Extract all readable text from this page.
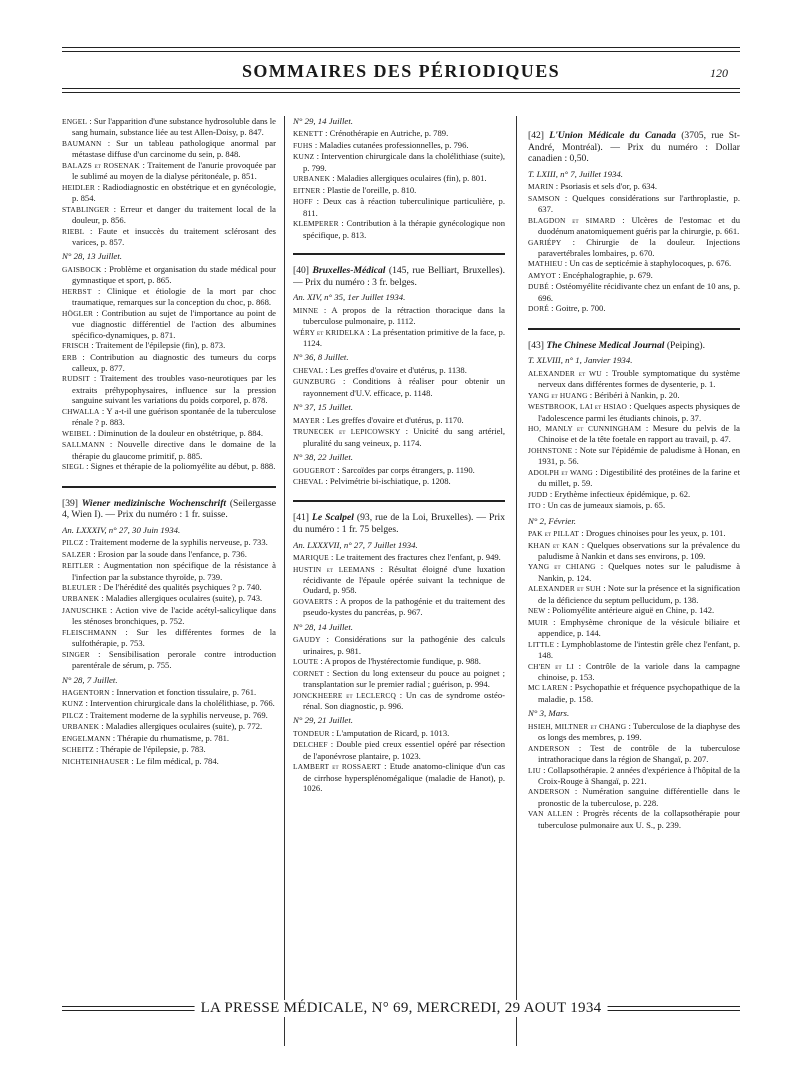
SOMMAIRES DES PÉRIODIQUES	120
ENGEL : Sur l'apparition d'une substance hydrosoluble dans le sang humain, substance liée au test Allen-Doisy, p. 847.
BAUMANN : Sur un tableau pathologique anormal par métastase diffuse d'un carcinome du sein, p. 848.
BALAZS et ROSENAK : Traitement de l'anurie provoquée par le sublimé au moyen de la dialyse péritonéale, p. 851.
HEIDLER : Radiodiagnostic en obstétrique et en gynécologie, p. 854.
STABLINGER : Erreur et danger du traitement local de la douleur, p. 856.
RIEBL : Faute et insuccès du traitement sclérosant des varices, p. 857.
N° 28, 13 Juillet.
GAISBOCK : Problème et organisation du stade médical pour gymnastique et sport, p. 865.
HERBST : Clinique et étiologie de la mort par choc traumatique, remarques sur la conception du choc, p. 868.
HÖGLER : Contribution au sujet de l'importance au point de vue diagnostic différentiel de l'action des albumines spécifico-dynamiques, p. 871.
FRISCH : Traitement de l'épilepsie (fin), p. 873.
ERB : Contribution au diagnostic des tumeurs du corps calleux, p. 877.
RUDSIT : Traitement des troubles vaso-neurotiques par les extraits préhypophysaires, influence sur la pression sanguine suivant les variations du poids corporel, p. 878.
CHWALLA : Y a-t-il une guérison spontanée de la tuberculose rénale ? p. 883.
WEIBEL : Diminution de la douleur en obstétrique, p. 884.
SALLMANN : Nouvelle directive dans le domaine de la thérapie du glaucome primitif, p. 885.
SIEGL : Signes et thérapie de la poliomyélite au début, p. 888.
[39] Wiener medizinische Wochenschrift (Seilergasse 4, Wien I). — Prix du numéro : 1 fr. suisse.
An. LXXXIV, n° 27, 30 Juin 1934.
PILCZ : Traitement moderne de la syphilis nerveuse, p. 733.
SALZER : Erosion par la soude dans l'enfance, p. 736.
REITLER : Augmentation non spécifique de la résistance à l'infection par la substance thyroïde, p. 739.
BLEULER : De l'hérédité des qualités psychiques ? p. 740.
URBANEK : Maladies allergiques oculaires (suite), p. 743.
JANUSCHKE : Action vive de l'acide acétyl-salicylique dans les sténoses bronchiques, p. 752.
FLEISCHMANN : Sur les différentes formes de la sulfothérapie, p. 753.
SINGER : Sensibilisation perorale contre introduction parentérale de sérum, p. 755.
N° 28, 7 Juillet.
HAGENTORN : Innervation et fonction tissulaire, p. 761.
KUNZ : Intervention chirurgicale dans la cholélithiase, p. 766.
PILCZ : Traitement moderne de la syphilis nerveuse, p. 769.
URBANEK : Maladies allergiques oculaires (suite), p. 772.
ENGELMANN : Thérapie du rhumatisme, p. 781.
SCHEITZ : Thérapie de l'épilepsie, p. 783.
NICHTEINHAUSER : Le film médical, p. 784.
N° 29, 14 Juillet.
KENETT : Crénothérapie en Autriche, p. 789.
FUHS : Maladies cutanées professionnelles, p. 796.
KUNZ : Intervention chirurgicale dans la cholélithiase (suite), p. 799.
URBANEK : Maladies allergiques oculaires (fin), p. 801.
EITNER : Plastie de l'oreille, p. 810.
HOFF : Deux cas à réaction tuberculinique particulière, p. 811.
KLEMPERER : Contribution à la thérapie gynécologique non spécifique, p. 813.
[40] Bruxelles-Médical (145, rue Belliart, Bruxelles). — Prix du numéro : 3 fr. belges.
An. XIV, n° 35, 1er Juillet 1934.
MINNE : A propos de la rétraction thoracique dans la tuberculose pulmonaire, p. 1112.
WÉRY et KRIDELKA : La présentation primitive de la face, p. 1124.
N° 36, 8 Juillet.
CHEVAL : Les greffes d'ovaire et d'utérus, p. 1138.
GUNZBURG : Conditions à réaliser pour obtenir un rayonnement d'U.V. efficace, p. 1148.
N° 37, 15 Juillet.
MAYER : Les greffes d'ovaire et d'utérus, p. 1170.
TRUNECEK et LEPICOWSKY : Unicité du sang artériel, pluralité du sang veineux, p. 1174.
N° 38, 22 Juillet.
GOUGEROT : Sarcoïdes par corps étrangers, p. 1190.
CHEVAL : Pelvimétrie bi-ischiatique, p. 1208.
[41] Le Scalpel (93, rue de la Loi, Bruxelles). — Prix du numéro : 1 fr. 75 belges.
An. LXXXVII, n° 27, 7 Juillet 1934.
MARIQUE : Le traitement des fractures chez l'enfant, p. 949.
HUSTIN et LEEMANS : Résultat éloigné d'une luxation récidivante de l'épaule opérée suivant la technique de Oudard, p. 958.
GOVAERTS : A propos de la pathogénie et du traitement des pseudo-kystes du pancréas, p. 967.
N° 28, 14 Juillet.
GAUDY : Considérations sur la pathogénie des calculs urinaires, p. 981.
LOUTE : A propos de l'hystérectomie fundique, p. 988.
CORNET : Section du long extenseur du pouce au poignet ; transplantation sur le premier radial ; guérison, p. 994.
JONCKHEERE et LECLERCQ : Un cas de syndrome ostéo-rénal. Son diagnostic, p. 996.
N° 29, 21 Juillet.
TONDEUR : L'amputation de Ricard, p. 1013.
DELCHEF : Double pied creux essentiel opéré par résection de l'aponévrose plantaire, p. 1023.
LAMBERT et ROSSAERT : Etude anatomo-clinique d'un cas de cirrhose hypersplénomégalique (maladie de Hanot), p. 1026.
[42] L'Union Médicale du Canada (3705, rue St-André, Montréal). — Prix du numéro : Dollar canadien : 0,50.
T. LXIII, n° 7, Juillet 1934.
MARIN : Psoriasis et sels d'or, p. 634.
SAMSON : Quelques considérations sur l'arthroplastie, p. 637.
BLAGDON et SIMARD : Ulcères de l'estomac et du duodénum anatomiquement guéris par la chirurgie, p. 661.
GARIÉPY : Chirurgie de la douleur. Injections paravertébrales lombaires, p. 670.
MATHIEU : Un cas de septicémie à staphylocoques, p. 676.
AMYOT : Encéphalographie, p. 679.
DUBÉ : Ostéomyélite récidivante chez un enfant de 10 ans, p. 696.
DORÉ : Goitre, p. 700.
[43] The Chinese Medical Journal (Peiping).
T. XLVIII, n° 1, Janvier 1934.
ALEXANDER et WU : Trouble symptomatique du système nerveux dans différentes formes de dysenterie, p. 1.
YANG et HUANG : Béribéri à Nankin, p. 20.
WESTBROOK, LAI et HSIAO : Quelques aspects physiques de l'adolescence parmi les étudiants chinois, p. 37.
HO, MANLY et CUNNINGHAM : Mesure du pelvis de la Chinoise et de la tête foetale en rapport au travail, p. 47.
JOHNSTONE : Note sur l'épidémie de paludisme à Honan, en 1931, p. 56.
ADOLPH et WANG : Digestibilité des protéines de la farine et du millet, p. 59.
JUDD : Erythème infectieux épidémique, p. 62.
ITO : Un cas de jumeaux siamois, p. 65.
N° 2, Février.
PAK et PILLAT : Drogues chinoises pour les yeux, p. 101.
KHAN et KAN : Quelques observations sur la prévalence du paludisme à Nankin et dans ses environs, p. 109.
YANG et CHIANG : Quelques notes sur le paludisme à Nankin, p. 124.
ALEXANDER et SUH : Note sur la présence et la signification de la déficience du septum pellucidum, p. 138.
NEW : Poliomyélite antérieure aiguë en Chine, p. 142.
MUIR : Emphysème chronique de la vésicule biliaire et appendice, p. 144.
LITTLE : Lymphoblastome de l'intestin grêle chez l'enfant, p. 148.
CH'EN et LI : Contrôle de la variole dans la campagne chinoise, p. 153.
MC LAREN : Psychopathie et fréquence psychopathique de la maladie, p. 158.
N° 3, Mars.
HSIEH, MILTNER et CHANG : Tuberculose de la diaphyse des os longs des membres, p. 199.
ANDERSON : Test de contrôle de la tuberculose intrathoracique dans la région de Shangaï, p. 207.
LIU : Collapsothérapie. 2 années d'expérience à l'hôpital de la Croix-Rouge à Shangaï, p. 221.
ANDERSON : Numération sanguine différentielle dans le pronostic de la tuberculose, p. 228.
VAN ALLEN : Progrès récents de la collapsothérapie pour tuberculose pulmonaire aux U. S., p. 239.
LA PRESSE MÉDICALE, N° 69, MERCREDI, 29 AOUT 1934
